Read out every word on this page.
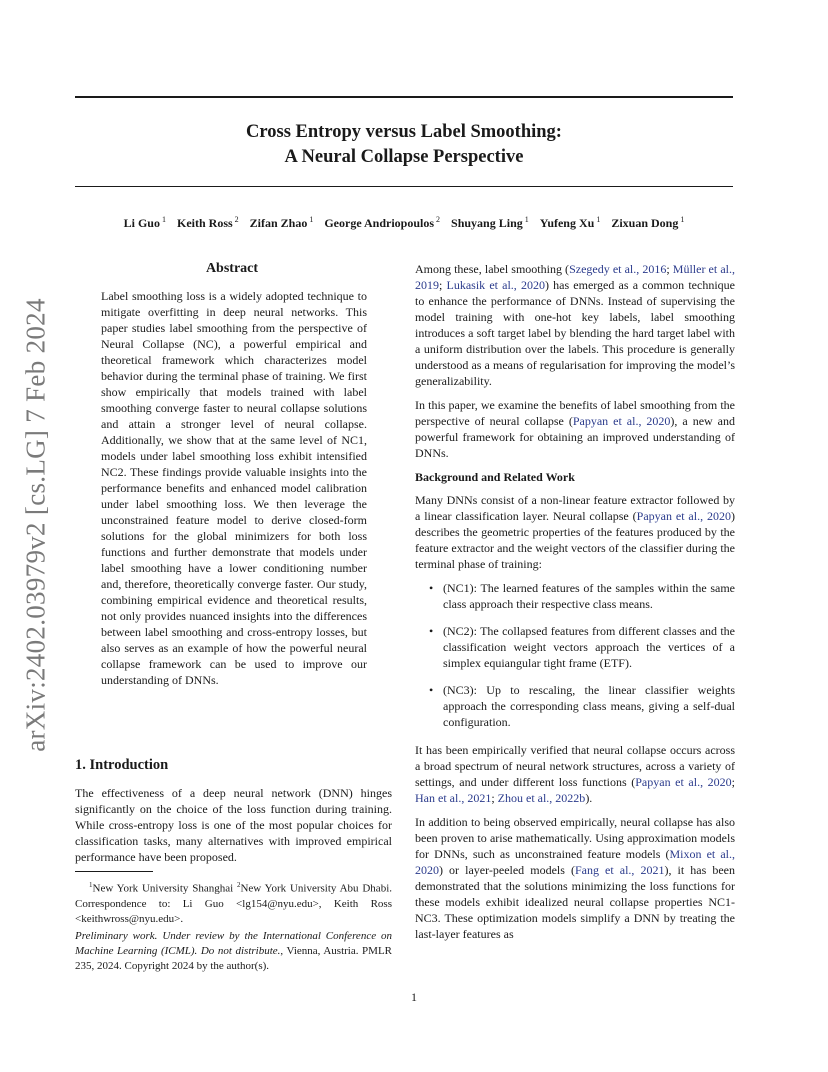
Cross Entropy versus Label Smoothing:
A Neural Collapse Perspective
Li Guo $^1$ Keith Ross $^2$ Zifan Zhao $^1$ George Andriopoulos $^2$ Shuyang Ling $^1$ Yufeng Xu $^1$ Zixuan Dong $^1$
arXiv:2402.03979v2 [cs.LG] 7 Feb 2024
Abstract

Label smoothing loss is a widely adopted technique to mitigate overfitting in deep neural networks. This paper studies label smoothing from the perspective of Neural Collapse (NC), a powerful empirical and theoretical framework which characterizes model behavior during the terminal phase of training. We first show empirically that models trained with label smoothing converge faster to neural collapse solutions and attain a stronger level of neural collapse. Additionally, we show that at the same level of NC1, models under label smoothing loss exhibit intensified NC2. These findings provide valuable insights into the performance benefits and enhanced model calibration under label smoothing loss. We then leverage the unconstrained feature model to derive closed-form solutions for the global minimizers for both loss functions and further demonstrate that models under label smoothing have a lower conditioning number and, therefore, theoretically converge faster. Our study, combining empirical evidence and theoretical results, not only provides nuanced insights into the differences between label smoothing and cross-entropy losses, but also serves as an example of how the powerful neural collapse framework can be used to improve our understanding of DNNs.

1. Introduction

The effectiveness of a deep neural network (DNN) hinges significantly on the choice of the loss function during training. While cross-entropy loss is one of the most popular choices for classification tasks, many alternatives with improved empirical performance have been proposed.

$^1$New York University Shanghai $^2$New York University Abu Dhabi. Correspondence to: Li Guo <lg154@nyu.edu>, Keith Ross <keithwross@nyu.edu>.

Preliminary work. Under review by the International Conference on Machine Learning (ICML). Do not distribute., Vienna, Austria. PMLR 235, 2024. Copyright 2024 by the author(s).

Among these, label smoothing (Szegedy et al., 2016; Müller et al., 2019; Lukasik et al., 2020) has emerged as a common technique to enhance the performance of DNNs. Instead of supervising the model training with one-hot key labels, label smoothing introduces a soft target label by blending the hard target label with a uniform distribution over the labels. This procedure is generally understood as a means of regularisation for improving the model’s generalizability.

In this paper, we examine the benefits of label smoothing from the perspective of neural collapse (Papyan et al., 2020), a new and powerful framework for obtaining an improved understanding of DNNs.

Background and Related Work

Many DNNs consist of a non-linear feature extractor followed by a linear classification layer. Neural collapse (Papyan et al., 2020) describes the geometric properties of the features produced by the feature extractor and the weight vectors of the classifier during the terminal phase of training:

• (NC1): The learned features of the samples within the same class approach their respective class means.
• (NC2): The collapsed features from different classes and the classification weight vectors approach the vertices of a simplex equiangular tight frame (ETF).
• (NC3): Up to rescaling, the linear classifier weights approach the corresponding class means, giving a self-dual configuration.

It has been empirically verified that neural collapse occurs across a broad spectrum of neural network structures, across a variety of settings, and under different loss functions (Papyan et al., 2020; Han et al., 2021; Zhou et al., 2022b).

In addition to being observed empirically, neural collapse has also been proven to arise mathematically. Using approximation models for DNNs, such as unconstrained feature models (Mixon et al., 2020) or layer-peeled models (Fang et al., 2021), it has been demonstrated that the solutions minimizing the loss functions for these models exhibit idealized neural collapse properties NC1-NC3. These optimization models simplify a DNN by treating the last-layer features as

1
